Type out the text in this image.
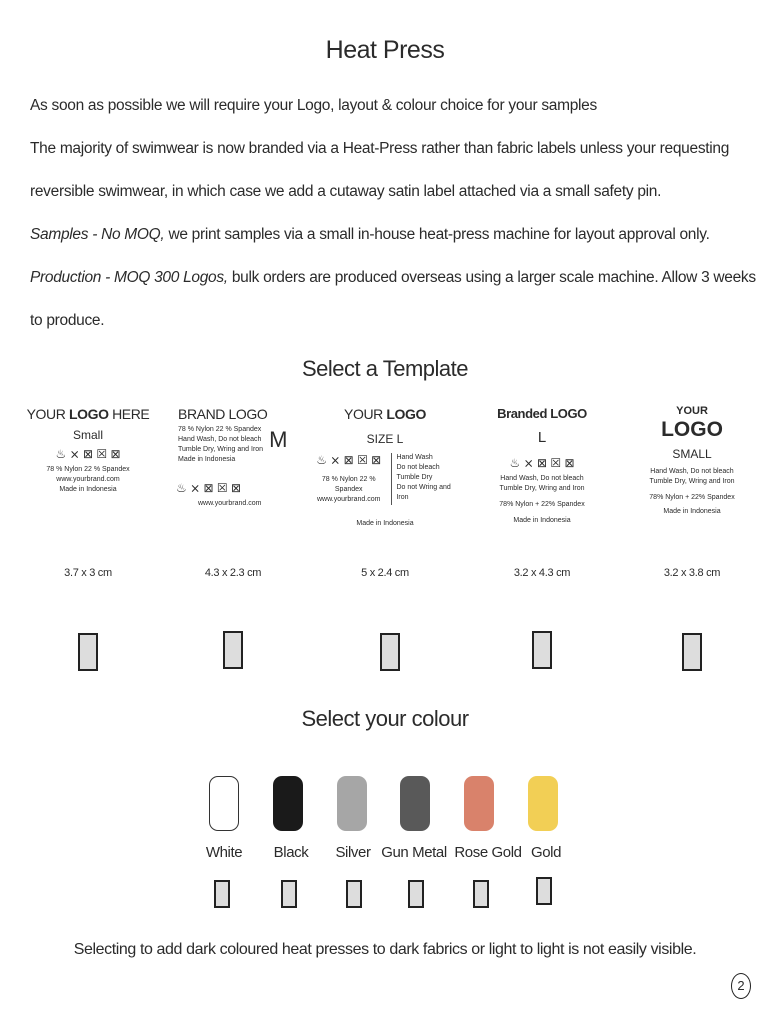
Heat Press
As soon as possible we will require your Logo, layout & colour choice for your samples
The majority of swimwear is now branded via a Heat-Press rather than fabric labels unless your requesting
reversible swimwear, in which case we add a cutaway satin label attached via a small safety pin.
Samples - No MOQ, we print samples via a small in-house heat-press machine for layout approval only.
Production - MOQ 300 Logos, bulk orders are produced overseas using a larger scale machine. Allow 3 weeks
to produce.
Select a Template
YOUR LOGO HERE
Small
♨ ⨯ ⊠ ☒ ⊠
78 % Nylon 22 % Spandex
www.yourbrand.com
Made in Indonesia
3.7 x 3 cm
BRAND LOGO
78 % Nylon 22 % Spandex
Hand Wash, Do not bleach
Tumble Dry, Wring and Iron
Made in Indonesia
M
♨ ⨯ ⊠ ☒ ⊠
www.yourbrand.com
4.3 x 2.3 cm
YOUR LOGO
SIZE L
♨ ⨯ ⊠ ☒ ⊠
78 % Nylon 22 % Spandex
www.yourbrand.com
Hand Wash
Do not bleach
Tumble Dry
Do not Wring and Iron
Made in Indonesia
5 x 2.4 cm
Branded LOGO
L
♨ ⨯ ⊠ ☒ ⊠
Hand Wash, Do not bleach
Tumble Dry, Wring and Iron
78% Nylon + 22% Spandex
Made in Indonesia
3.2 x 4.3 cm
YOUR
LOGO
SMALL
Hand Wash, Do not bleach
Tumble Dry, Wring and Iron
78% Nylon + 22% Spandex
Made in Indonesia
3.2 x 3.8 cm
Select your colour
White	Black	Silver Gun Metal Rose Gold Gold
Selecting to add dark coloured heat presses to dark fabrics or light to light is not easily visible.
2
